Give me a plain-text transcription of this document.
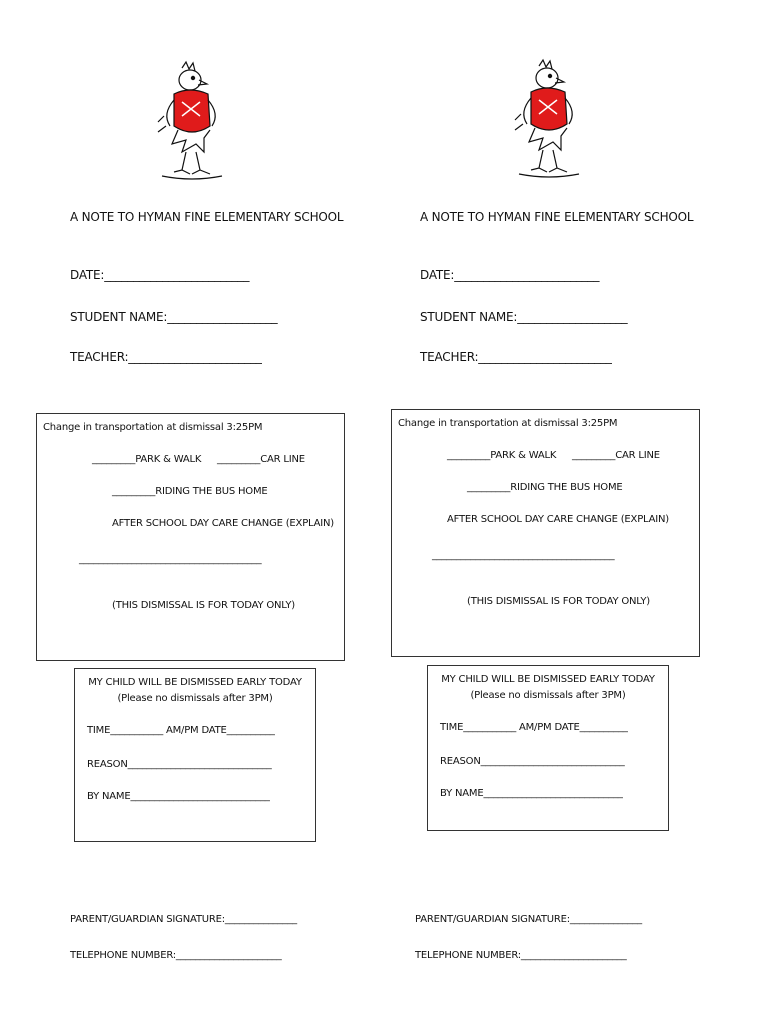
A NOTE TO HYMAN FINE ELEMENTARY SCHOOL
DATE:_________________________
STUDENT NAME:___________________
TEACHER:_______________________
Change in transportation at dismissal 3:25PM
_________PARK & WALK _________CAR LINE
_________RIDING THE BUS HOME
AFTER SCHOOL DAY CARE CHANGE (EXPLAIN)
______________________________________
(THIS DISMISSAL IS FOR TODAY ONLY)
MY CHILD WILL BE DISMISSED EARLY TODAY
(Please no dismissals after 3PM)
TIME___________ AM/PM DATE__________
REASON______________________________
BY NAME_____________________________
PARENT/GUARDIAN SIGNATURE:_______________
TELEPHONE NUMBER:______________________
A NOTE TO HYMAN FINE ELEMENTARY SCHOOL
DATE:_________________________
STUDENT NAME:___________________
TEACHER:_______________________
Change in transportation at dismissal 3:25PM
_________PARK & WALK _________CAR LINE
_________RIDING THE BUS HOME
AFTER SCHOOL DAY CARE CHANGE (EXPLAIN)
______________________________________
(THIS DISMISSAL IS FOR TODAY ONLY)
MY CHILD WILL BE DISMISSED EARLY TODAY
(Please no dismissals after 3PM)
TIME___________ AM/PM DATE__________
REASON______________________________
BY NAME_____________________________
PARENT/GUARDIAN SIGNATURE:_______________
TELEPHONE NUMBER:______________________
